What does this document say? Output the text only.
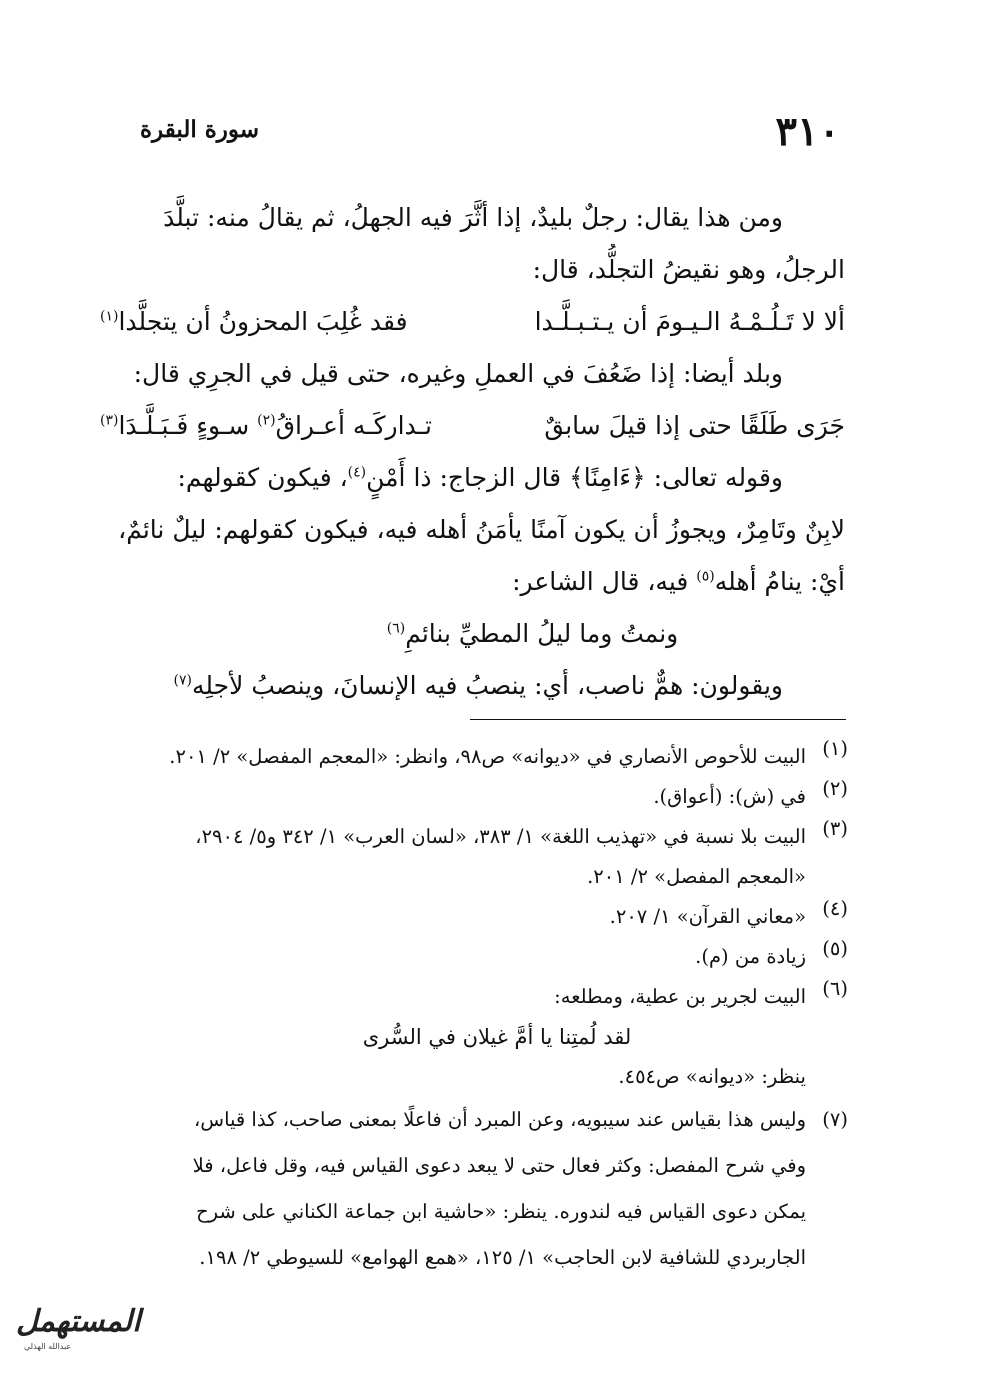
٣١٠
سورة البقرة
ومن هذا يقال: رجلٌ بليدٌ، إذا أثَّرَ فيه الجهلُ، ثم يقالُ منه: تبلَّدَ
الرجلُ، وهو نقيضُ التجلُّد، قال:
ألا لا تَـلُـمْـهُ الـيـومَ أن يـتـبـلَّـدا
فقد غُلِبَ المحزونُ أن يتجلَّدا$^{(١)}$
وبلد أيضا: إذا ضَعُفَ في العملِ وغيره، حتى قيل في الجرِي قال:
جَرَى طَلَقًا حتى إذا قيلَ سابقٌ
تـداركَـه أعـراقُ$^{(٢)}$ سـوءٍ فَـبَـلَّـدَا$^{(٣)}$
وقوله تعالى: ﴿ءَامِنًا﴾ قال الزجاج: ذا أَمْنٍ$^{(٤)}$، فيكون كقولهم:
لابِنٌ وتَامِرٌ، ويجوزُ أن يكون آمنًا يأمَنُ أهله فيه، فيكون كقولهم: ليلٌ نائمٌ،
أيْ: ينامُ أهله$^{(٥)}$ فيه، قال الشاعر:
ونمتُ وما ليلُ المطيِّ بنائمِ$^{(٦)}$
ويقولون: همٌّ ناصب، أي: ينصبُ فيه الإنسانَ، وينصبُ لأجلِه$^{(٧)}$
(١)
البيت للأحوص الأنصاري في «ديوانه» ص٩٨، وانظر: «المعجم المفصل» ٢/ ٢٠١.
(٢)
في (ش): (أعواق).
(٣)
البيت بلا نسبة في «تهذيب اللغة» ١/ ٣٨٣، «لسان العرب» ١/ ٣٤٢ و٥/ ٢٩٠٤،
«المعجم المفصل» ٢/ ٢٠١.
(٤)
«معاني القرآن» ١/ ٢٠٧.
(٥)
زيادة من (م).
(٦)
البيت لجرير بن عطية، ومطلعه:
لقد لُمتِنا يا أمَّ غيلان في السُّرى
ينظر: «ديوانه» ص٤٥٤.
(٧)
وليس هذا بقياس عند سيبويه، وعن المبرد أن فاعلًا بمعنى صاحب، كذا قياس،
وفي شرح المفصل: وكثر فعال حتى لا يبعد دعوى القياس فيه، وقل فاعل، فلا
يمكن دعوى القياس فيه لندوره. ينظر: «حاشية ابن جماعة الكناني على شرح
الجاربردي للشافية لابن الحاجب» ١/ ١٢٥، «همع الهوامع» للسيوطي ٢/ ١٩٨.
المستهمل
عبدالله الهذلي
